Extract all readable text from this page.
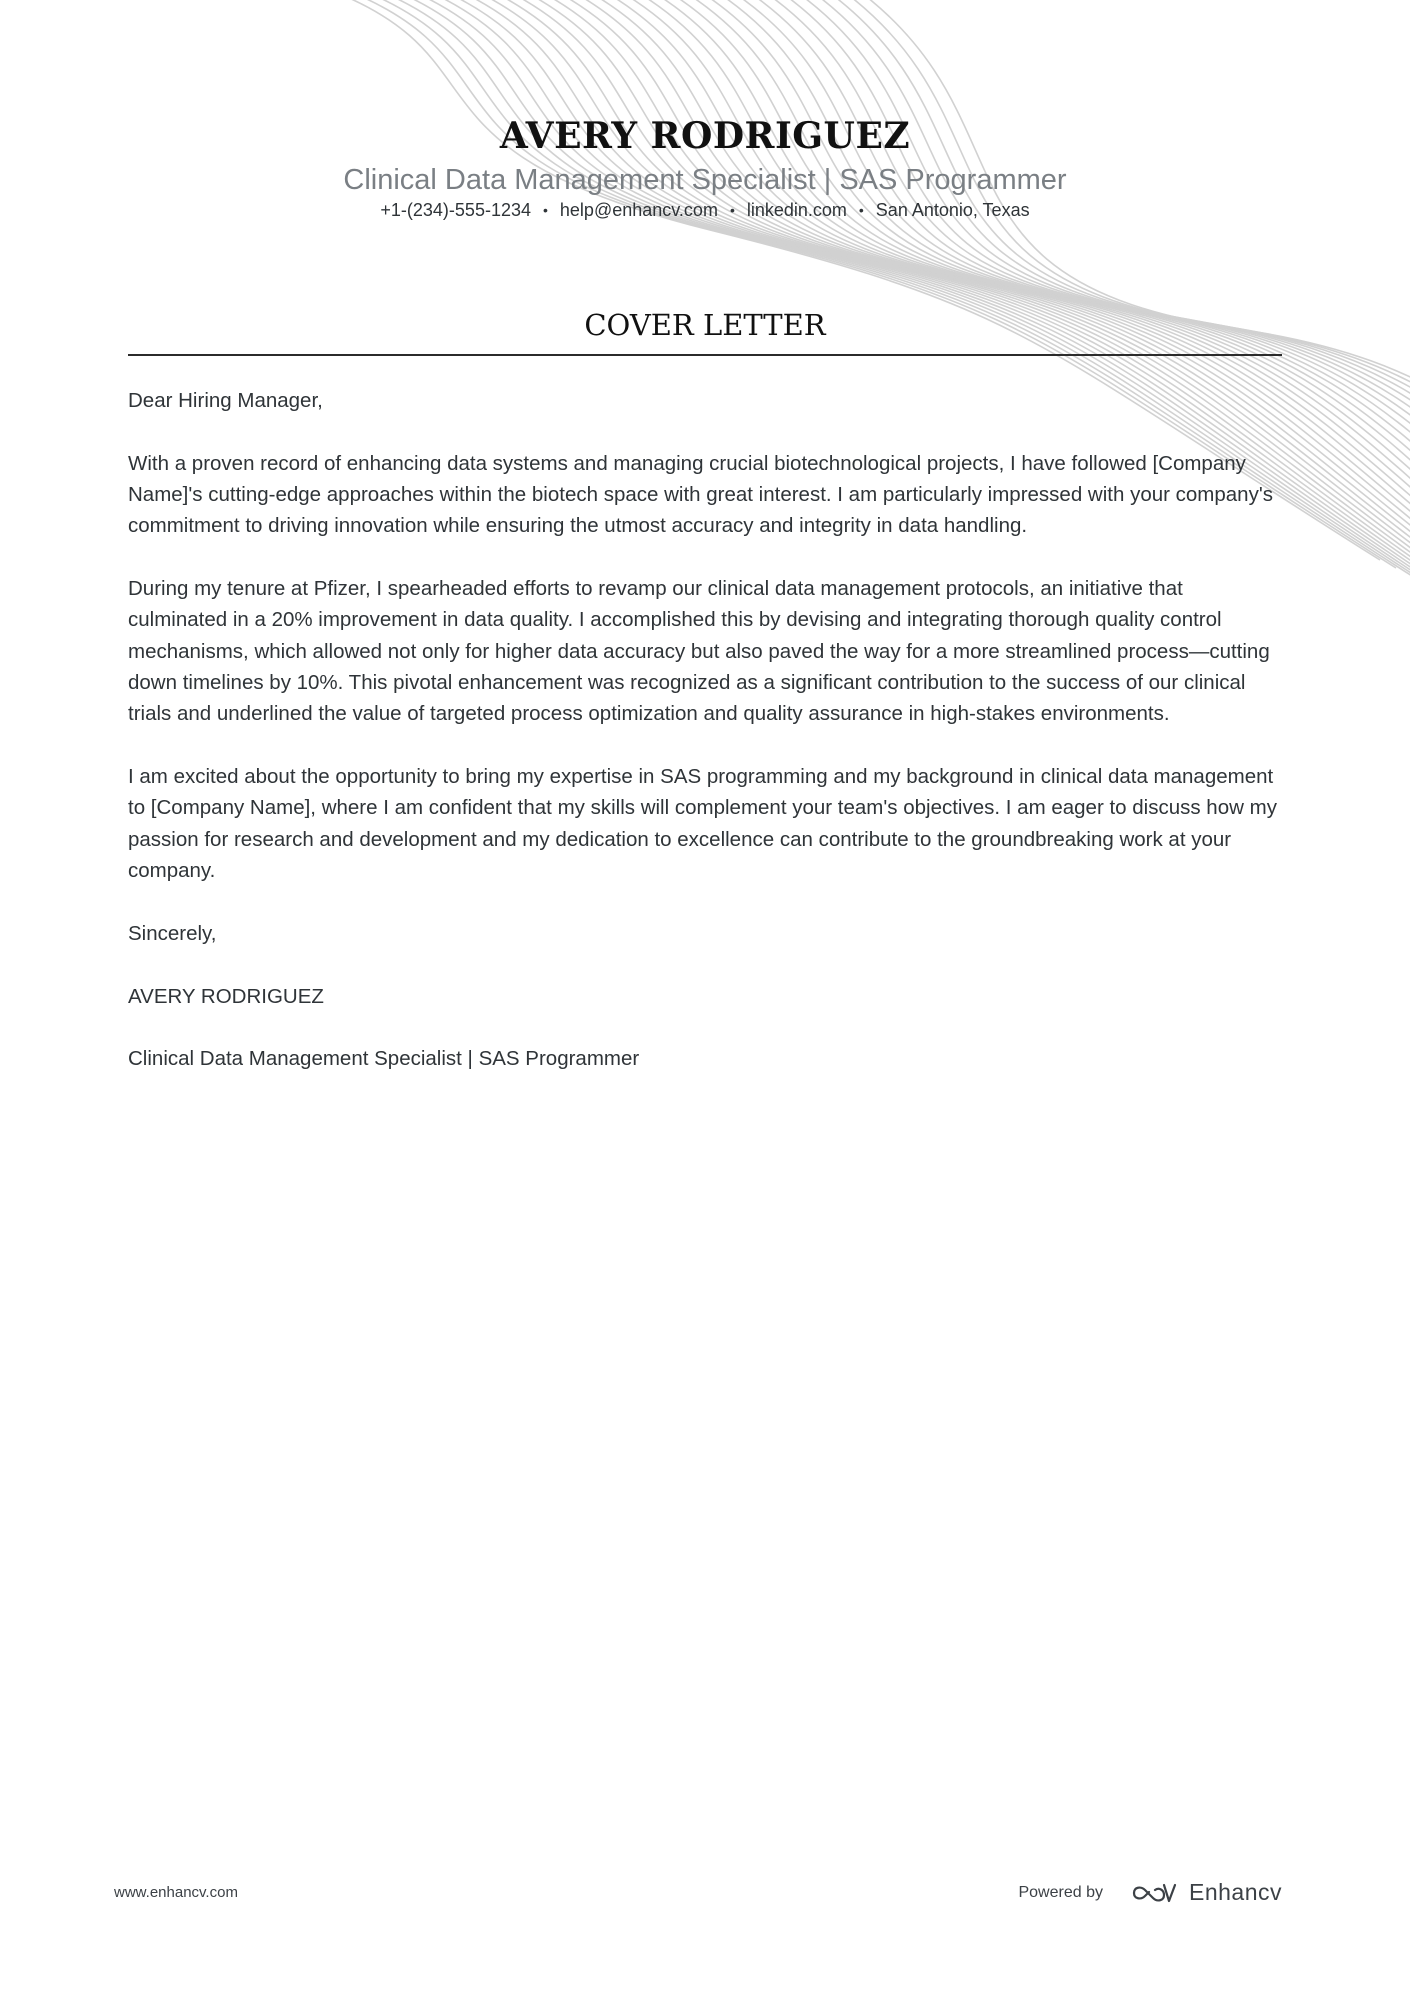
AVERY RODRIGUEZ
Clinical Data Management Specialist | SAS Programmer
+1-(234)-555-1234 • help@enhancv.com • linkedin.com • San Antonio, Texas
COVER LETTER

Dear Hiring Manager,

With a proven record of enhancing data systems and managing crucial biotechnological projects, I have followed [Company Name]'s cutting-edge approaches within the biotech space with great interest. I am particularly impressed with your company's commitment to driving innovation while ensuring the utmost accuracy and integrity in data handling.

During my tenure at Pfizer, I spearheaded efforts to revamp our clinical data management protocols, an initiative that culminated in a 20% improvement in data quality. I accomplished this by devising and integrating thorough quality control mechanisms, which allowed not only for higher data accuracy but also paved the way for a more streamlined process—cutting down timelines by 10%. This pivotal enhancement was recognized as a significant contribution to the success of our clinical trials and underlined the value of targeted process optimization and quality assurance in high-stakes environments.

I am excited about the opportunity to bring my expertise in SAS programming and my background in clinical data management to [Company Name], where I am confident that my skills will complement your team's objectives. I am eager to discuss how my passion for research and development and my dedication to excellence can contribute to the groundbreaking work at your company.

Sincerely,

AVERY RODRIGUEZ

Clinical Data Management Specialist | SAS Programmer

www.enhancv.com	Powered by	Enhancv
